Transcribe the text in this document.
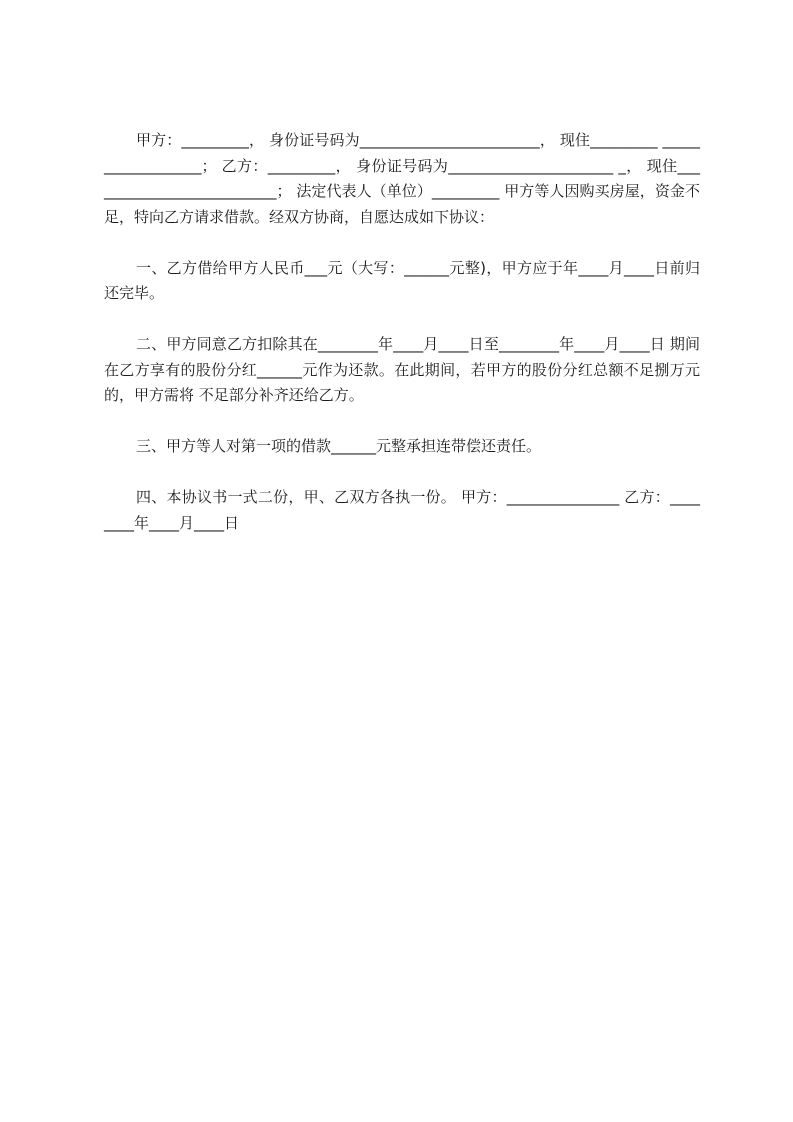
甲方：_________， 身份证号码为________________________， 现住_________ __________________； 乙方：_________， 身份证号码为______________________ _， 现住__________________________； 法定代表人（单位）_________ 甲方等人因购买房屋，资金不足，特向乙方请求借款。经双方协商，自愿达成如下协议：

一、乙方借给甲方人民币___元（大写：______元整)，甲方应于年____月____日前归还完毕。

二、甲方同意乙方扣除其在________年____月____日至________年____月____日 期间在乙方享有的股份分红______元作为还款。在此期间，若甲方的股份分红总额不足捌万元的，甲方需将 不足部分补齐还给乙方。

三、甲方等人对第一项的借款______元整承担连带偿还责任。

四、本协议书一式二份，甲、乙双方各执一份。 甲方：_______________ 乙方：________年____月____日
